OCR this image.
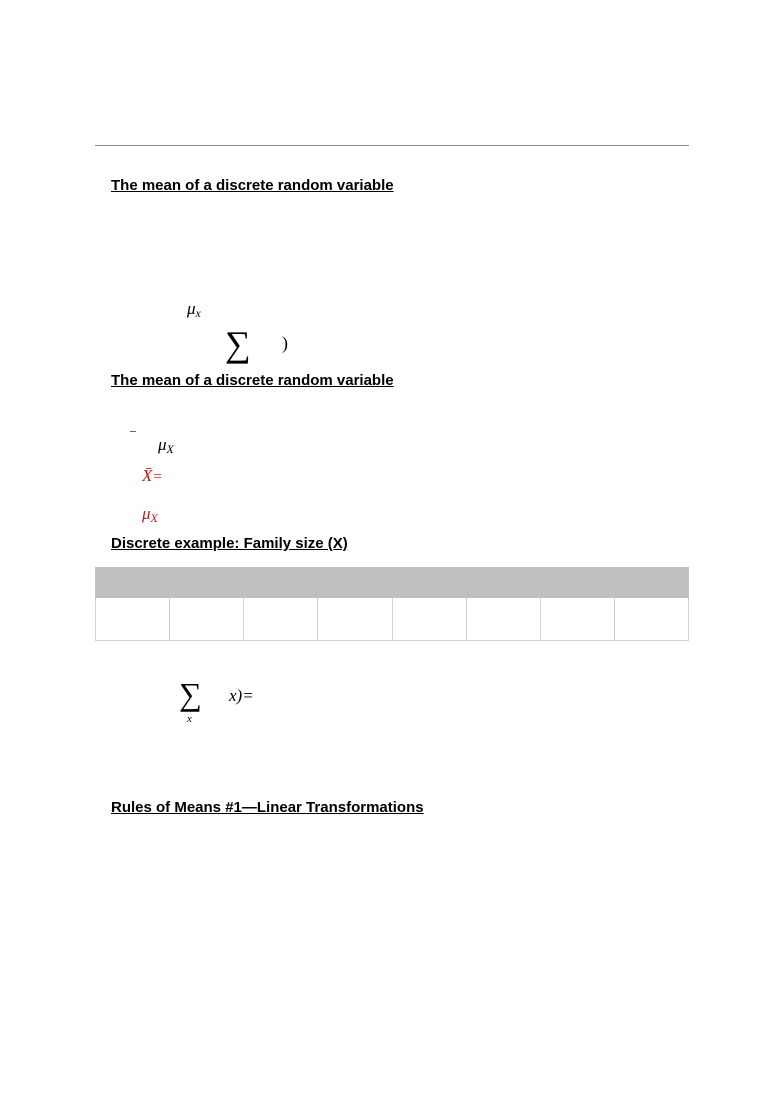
The mean of a discrete random variable
$\mu_x$
∑ )
The mean of a discrete random variable
–
$\mu_X$
X̄=
$\mu_X$
Discrete example: Family size (X)

∑
x
x)=
Rules of Means #1—Linear Transformations
